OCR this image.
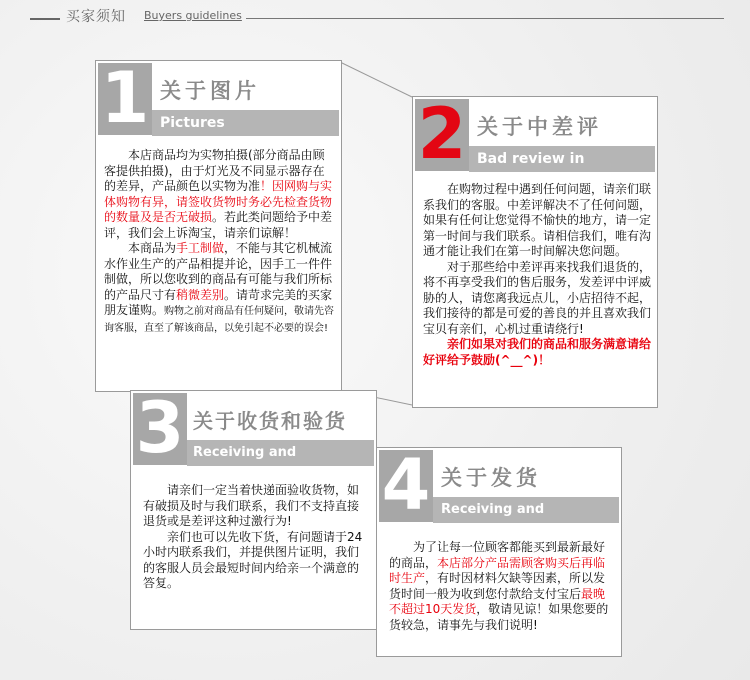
买家须知 Buyers guidelines
1 关于图片
Pictures
本店商品均为实物拍摄(部分商品由顾客提供拍摄)，由于灯光及不同显示器存在的差异，产品颜色以实物为准！因网购与实体购物有异，请签收货物时务必先检查货物的数量及是否无破损。若此类问题给予中差评，我们会上诉淘宝，请亲们谅解！
本商品为手工制做，不能与其它机械流水作业生产的产品相提并论，因手工一件件制做，所以您收到的商品有可能与我们所标的产品尺寸有稍微差别。请苛求完美的买家朋友谨购。购物之前对商品有任何疑问，敬请先咨询客服，直至了解该商品，以免引起不必要的误会!
2 关于中差评
Bad review in
在购物过程中遇到任何问题，请亲们联系我们的客服。中差评解决不了任何问题，如果有任何让您觉得不愉快的地方，请一定第一时间与我们联系。请相信我们，唯有沟通才能让我们在第一时间解决您问题。
对于那些给中差评再来找我们退货的，将不再享受我们的售后服务，发差评中评威胁的人，请您离我远点儿，小店招待不起，我们接待的都是可爱的善良的并且喜欢我们宝贝有亲们，心机过重请绕行!
亲们如果对我们的商品和服务满意请给好评给予鼓励(^__^)！
3 关于收货和验货
Receiving and inspection
请亲们一定当着快递面验收货物，如有破损及时与我们联系，我们不支持直接退货或是差评这种过激行为!
亲们也可以先收下货，有问题请于24小时内联系我们，并提供图片证明，我们的客服人员会最短时间内给亲一个满意的答复。
4 关于发货
Receiving and inspection
为了让每一位顾客都能买到最新最好的商品，本店部分产品需顾客购买后再临时生产，有时因材料欠缺等因素，所以发货时间一般为收到您付款给支付宝后最晚不超过10天发货，敬请见谅！如果您要的货较急，请事先与我们说明!
